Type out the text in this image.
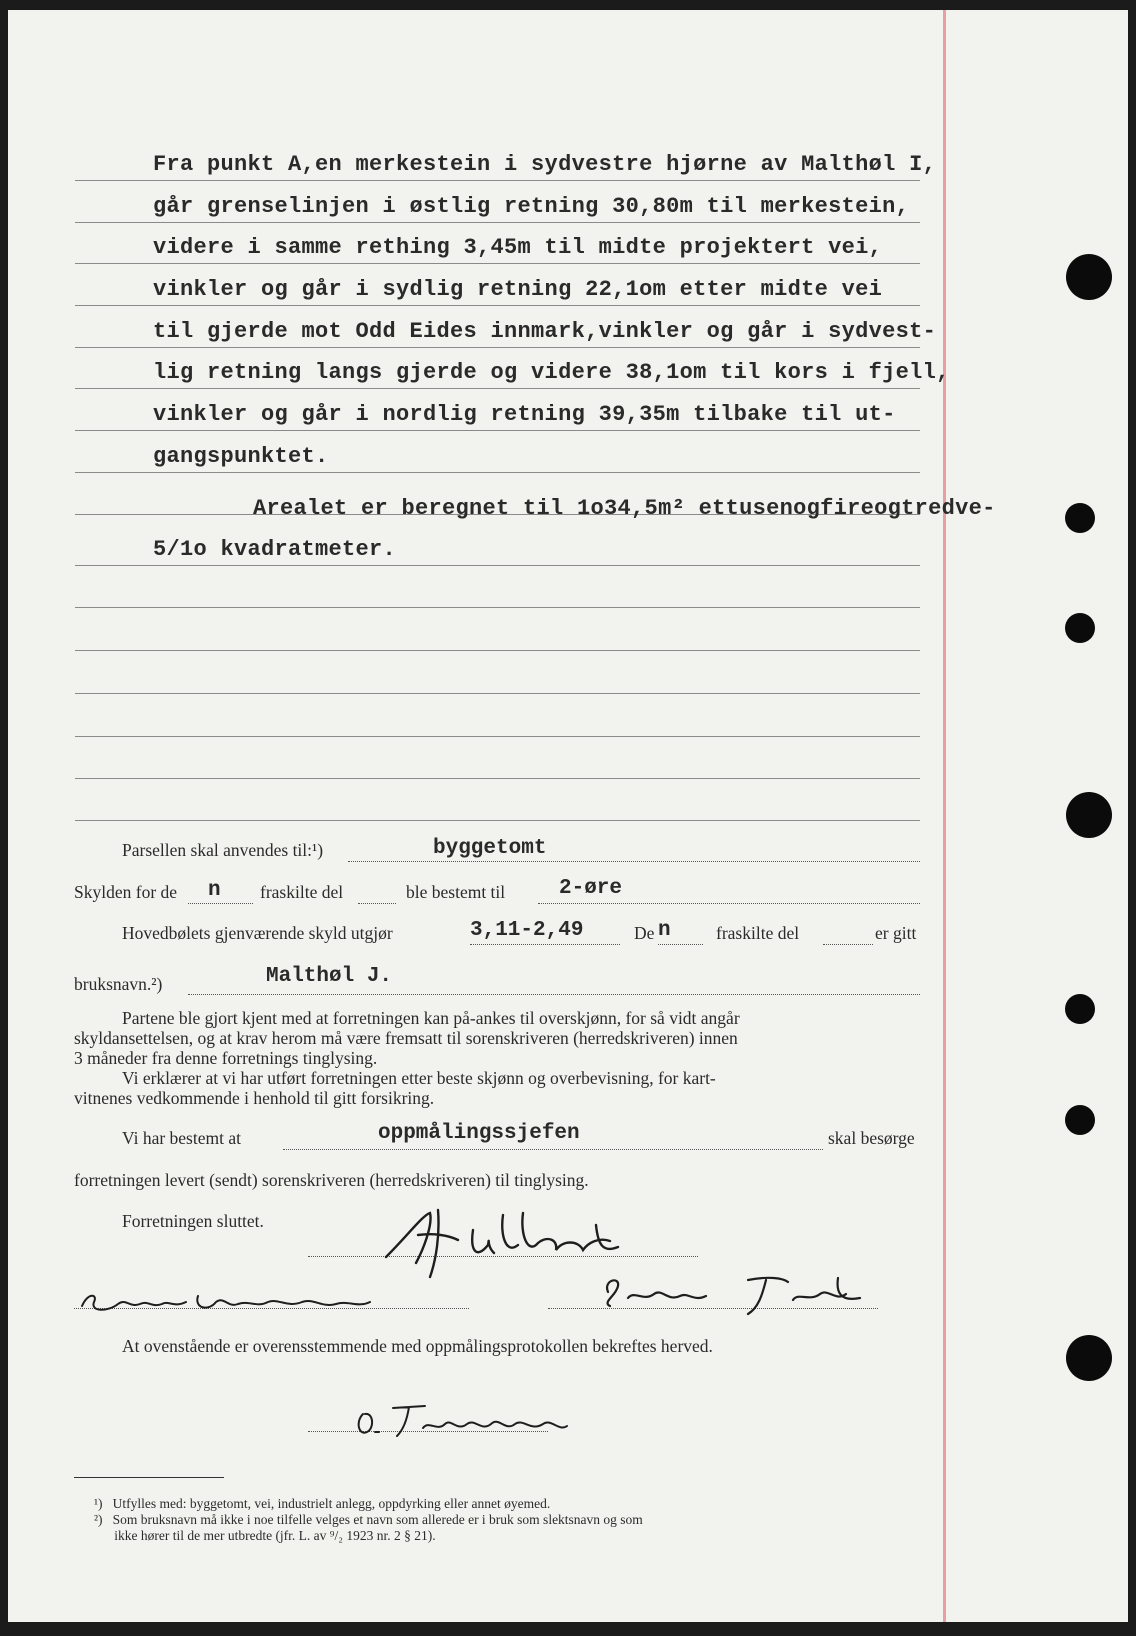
Fra punkt A,en merkestein i sydvestre hjørne av Malthøl I,
går grenselinjen i østlig retning 30,80m til merkestein,
videre i samme rething 3,45m til midte projektert vei,
vinkler og går i sydlig retning 22,1om etter midte vei
til gjerde mot Odd Eides innmark,vinkler og går i sydvest-
lig retning langs gjerde og videre 38,1om til kors i fjell,
vinkler og går i nordlig retning 39,35m tilbake til ut-
gangspunktet.
Arealet er beregnet til 1o34,5m² ettusenogfireogtredve-
5/1o kvadratmeter.
Parsellen skal anvendes til:¹)	byggetomt
Skylden for de n fraskilte del	ble bestemt til	2-øre
Hovedbølets gjenværende skyld utgjør	3,11-2,49	De n	fraskilte del	er gitt
bruksnavn.²)	Malthøl J.
Partene ble gjort kjent med at forretningen kan på-ankes til overskjønn, for så vidt angår
skyldansettelsen, og at krav herom må være fremsatt til sorenskriveren (herredskriveren) innen
3 måneder fra denne forretnings tinglysing.
Vi erklærer at vi har utført forretningen etter beste skjønn og overbevisning, for kart-
vitnenes vedkommende i henhold til gitt forsikring.
Vi har bestemt at	oppmålingssjefen	skal besørge
forretningen levert (sendt) sorenskriveren (herredskriveren) til tinglysing.
Forretningen sluttet.
At ovenstående er overensstemmende med oppmålingsprotokollen bekreftes herved.
¹)   Utfylles med: byggetomt, vei, industrielt anlegg, oppdyrking eller annet øyemed.
²)   Som bruksnavn må ikke i noe tilfelle velges et navn som allerede er i bruk som slektsnavn og som
ikke hører til de mer utbredte (jfr. L. av ⁹/₂ 1923 nr. 2 § 21).
